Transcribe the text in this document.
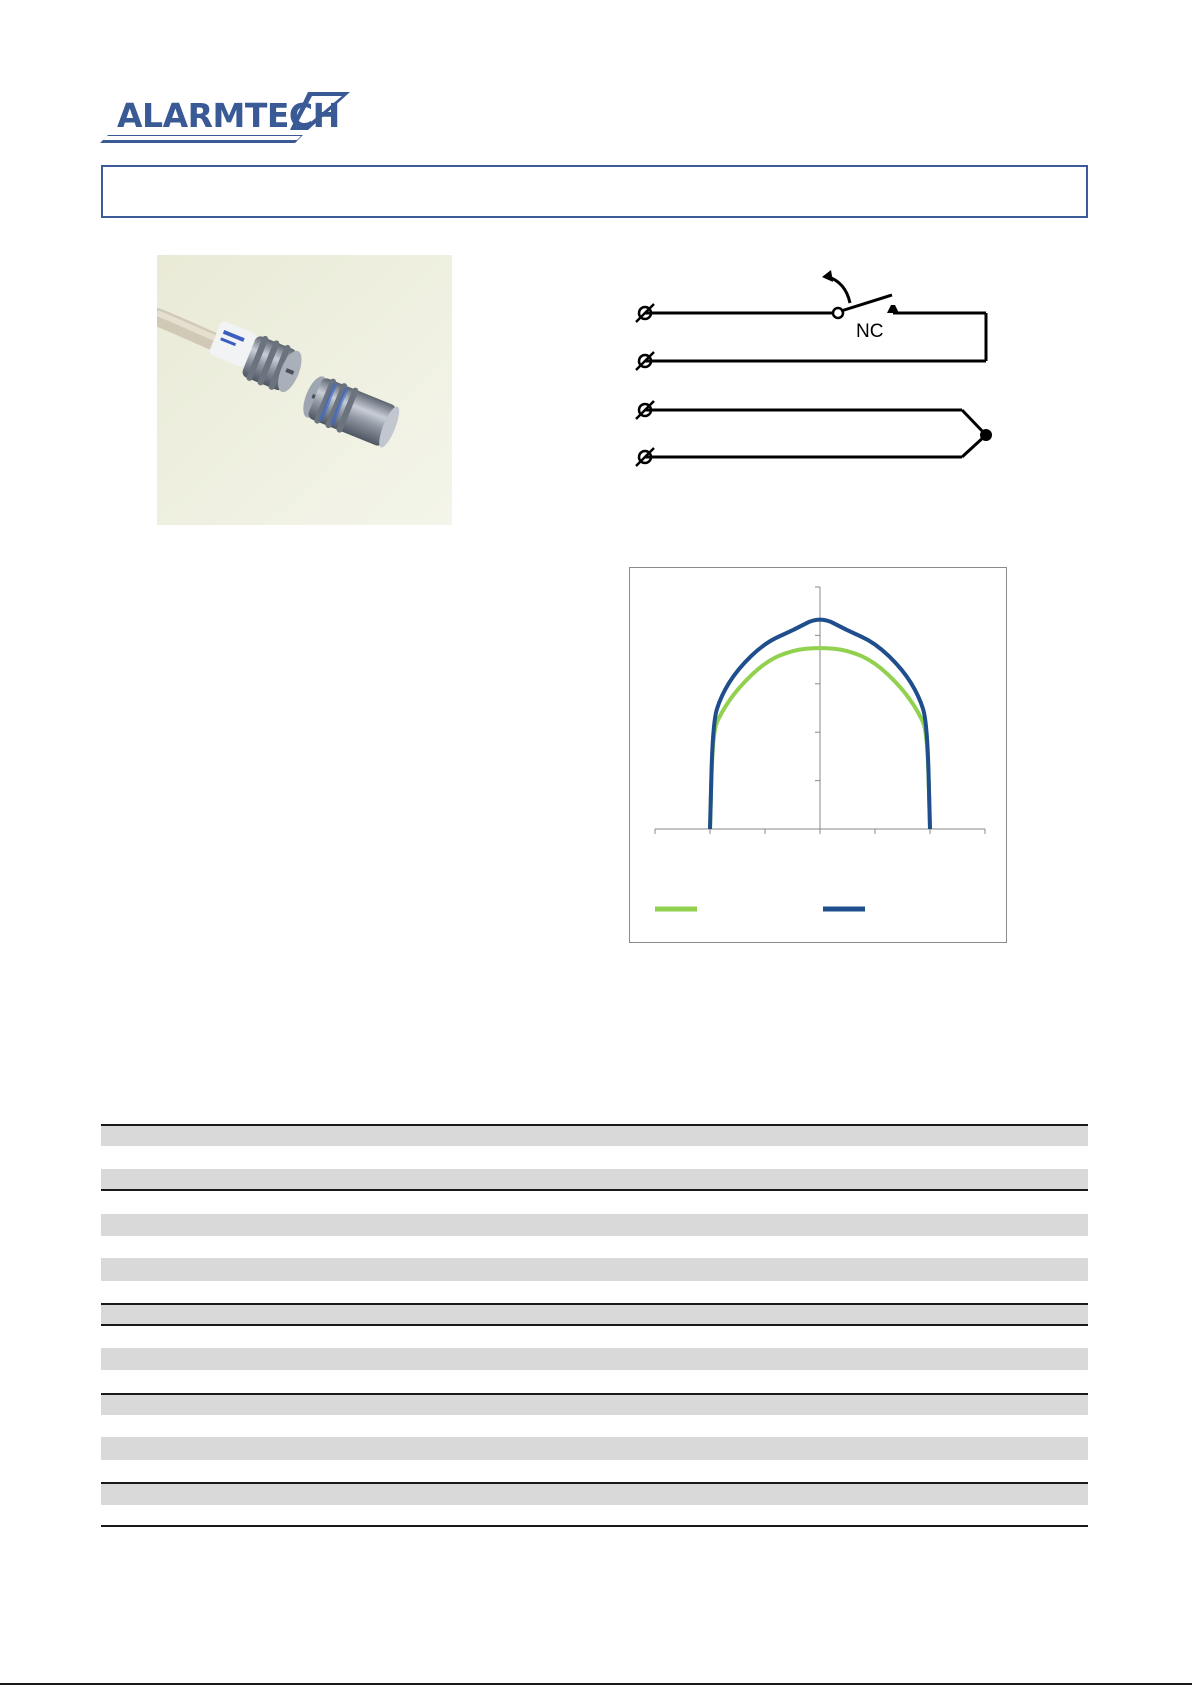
ALARMTECH
NC
